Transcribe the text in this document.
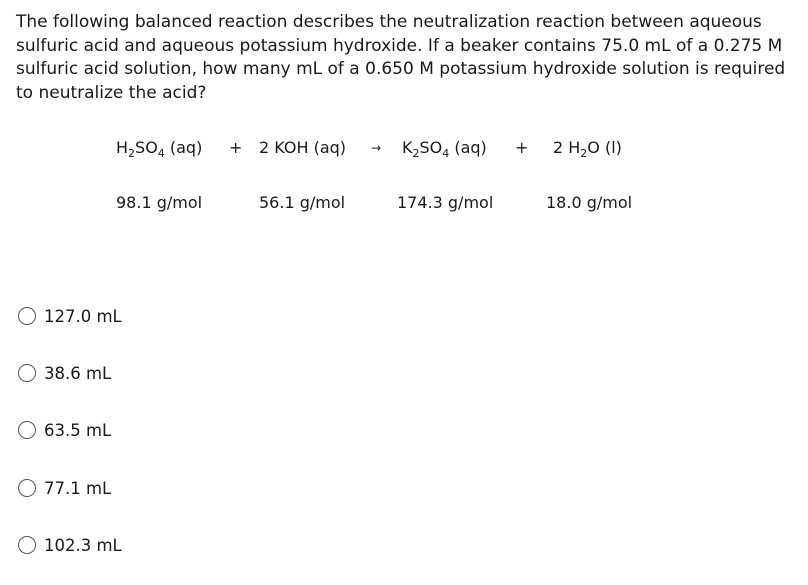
The following balanced reaction describes the neutralization reaction between aqueous sulfuric acid and aqueous potassium hydroxide. If a beaker contains 75.0 mL of a 0.275 M sulfuric acid solution, how many mL of a 0.650 M potassium hydroxide solution is required to neutralize the acid?

$H_2SO_4$ (aq) + 2 KOH $(aq) \to K_2SO_4$ (aq) + 2 $H_2O$ (l)
98.1 g/mol	56.1 g/mol	174.3 g/mol	18.0 g/mol
127.0 mL
38.6 mL
63.5 mL
77.1 mL
102.3 mL
